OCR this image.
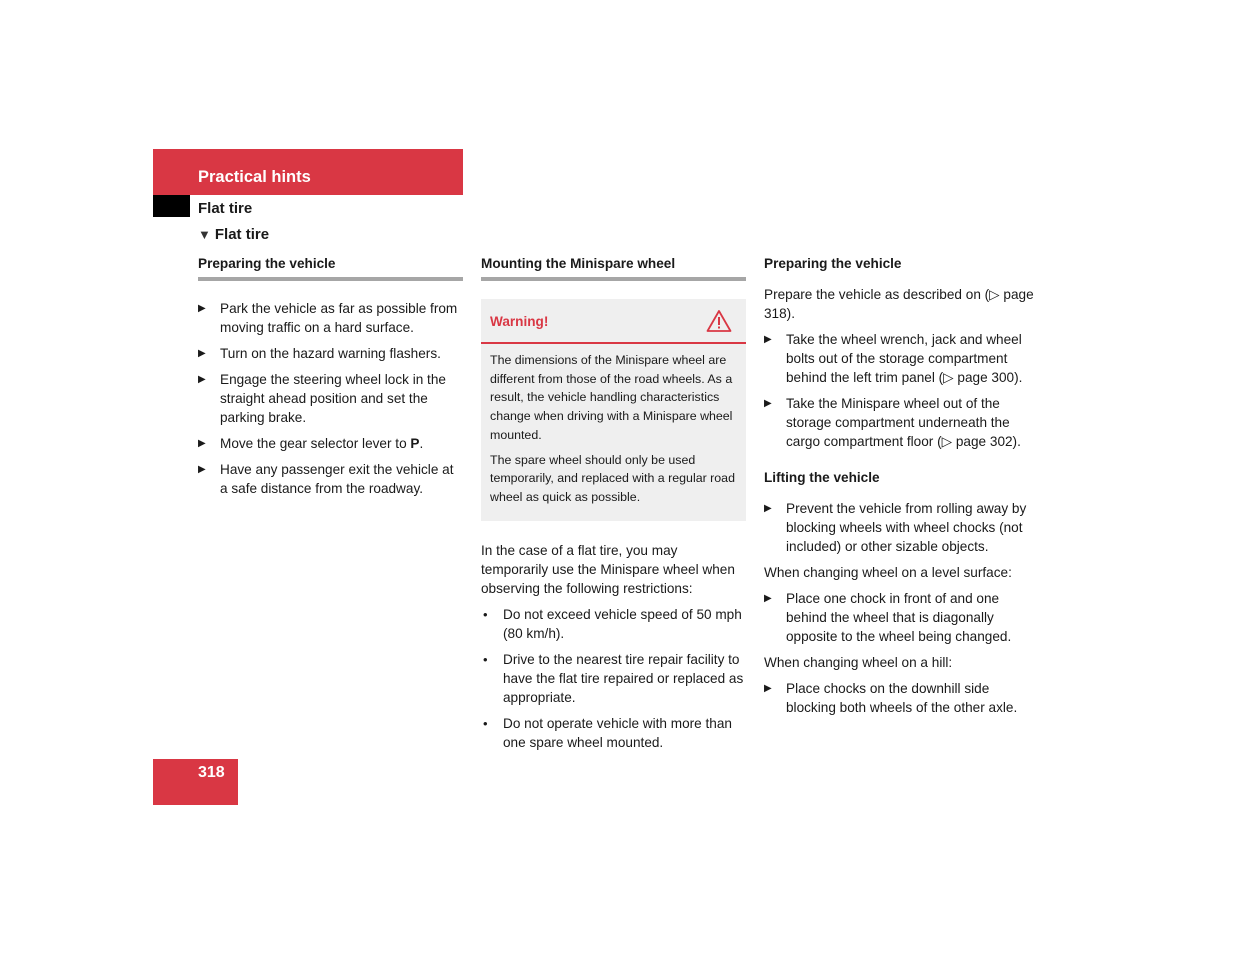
Practical hints
Flat tire
▼ Flat tire
Preparing the vehicle
▶ Park the vehicle as far as possible from moving traffic on a hard surface.
▶ Turn on the hazard warning flashers.
▶ Engage the steering wheel lock in the straight ahead position and set the parking brake.
▶ Move the gear selector lever to P.
▶ Have any passenger exit the vehicle at a safe distance from the roadway.
Mounting the Minispare wheel
Warning!

The dimensions of the Minispare wheel are different from those of the road wheels. As a result, the vehicle handling characteristics change when driving with a Minispare wheel mounted.

The spare wheel should only be used temporarily, and replaced with a regular road wheel as quick as possible.

In the case of a flat tire, you may temporarily use the Minispare wheel when observing the following restrictions:

• Do not exceed vehicle speed of 50 mph (80 km/h).
• Drive to the nearest tire repair facility to have the flat tire repaired or replaced as appropriate.
• Do not operate vehicle with more than one spare wheel mounted.
Preparing the vehicle

Prepare the vehicle as described on (▷ page 318).

▶ Take the wheel wrench, jack and wheel bolts out of the storage compartment behind the left trim panel (▷ page 300).
▶ Take the Minispare wheel out of the storage compartment underneath the cargo compartment floor (▷ page 302).
Lifting the vehicle
▶ Prevent the vehicle from rolling away by blocking wheels with wheel chocks (not included) or other sizable objects.

When changing wheel on a level surface:

▶ Place one chock in front of and one behind the wheel that is diagonally opposite to the wheel being changed.

When changing wheel on a hill:

▶ Place chocks on the downhill side blocking both wheels of the other axle.
318
